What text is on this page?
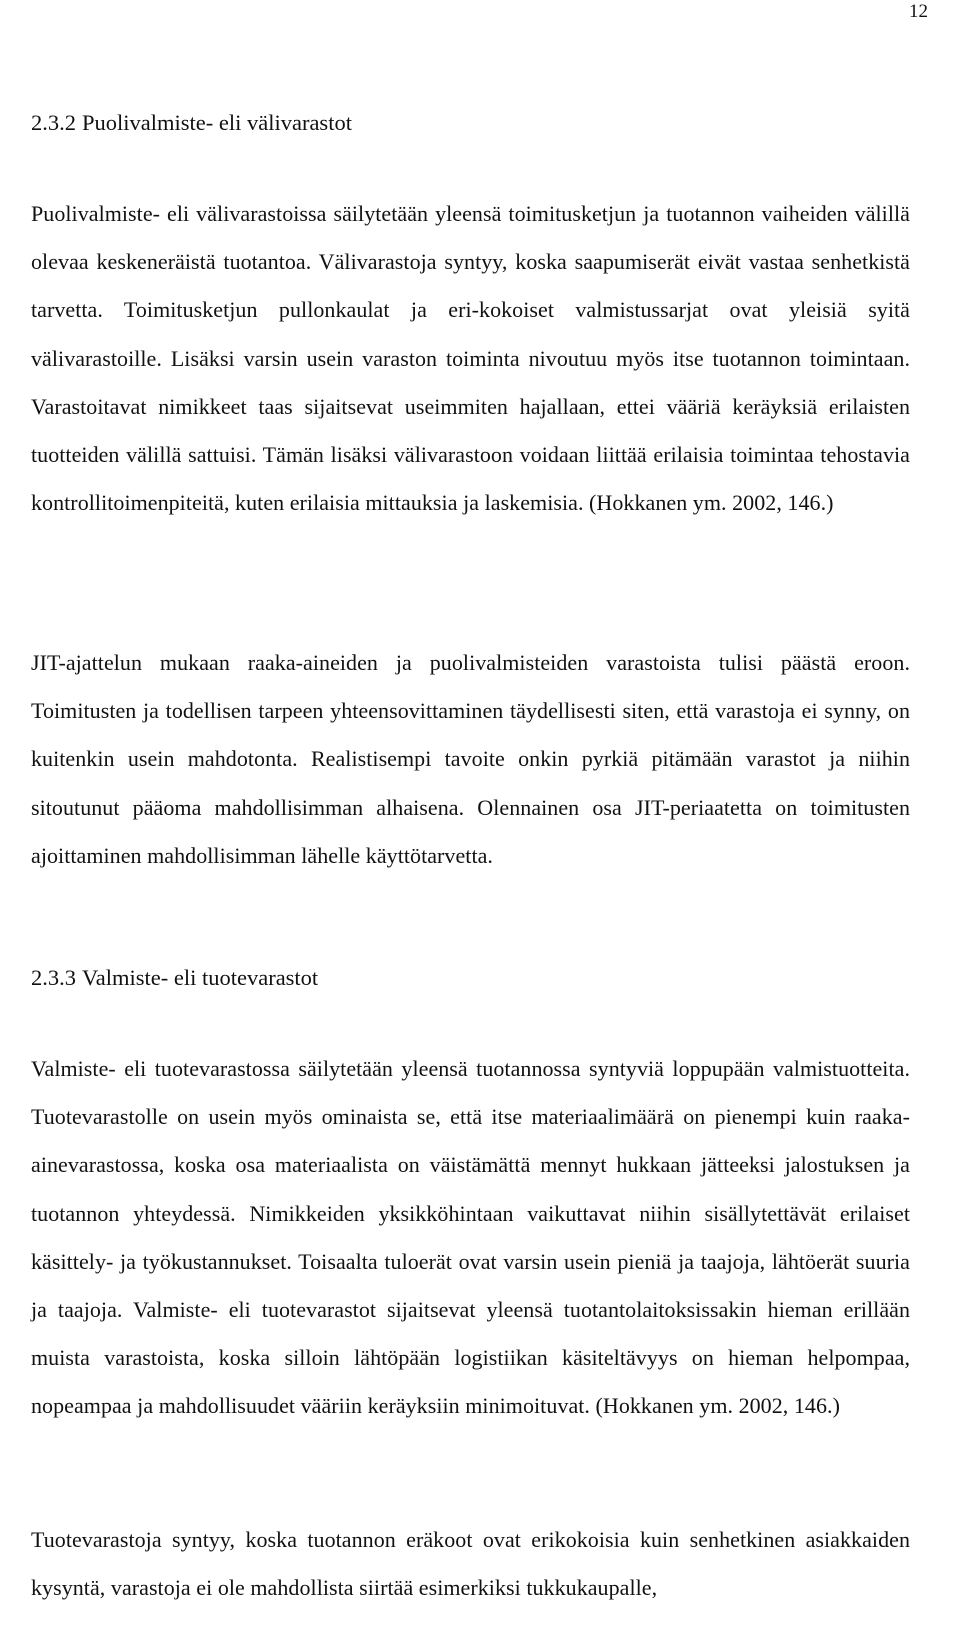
12
2.3.2 Puolivalmiste- eli välivarastot

Puolivalmiste- eli välivarastoissa säilytetään yleensä toimitusketjun ja tuotannon vaiheiden välillä olevaa keskeneräistä tuotantoa. Välivarastoja syntyy, koska saapumiserät eivät vastaa senhetkistä tarvetta. Toimitusketjun pullonkaulat ja eri-kokoiset valmistussarjat ovat yleisiä syitä välivarastoille. Lisäksi varsin usein varaston toiminta nivoutuu myös itse tuotannon toimintaan. Varastoitavat nimikkeet taas sijaitsevat useimmiten hajallaan, ettei vääriä keräyksiä erilaisten tuotteiden välillä sattuisi. Tämän lisäksi välivarastoon voidaan liittää erilaisia toimintaa tehostavia kontrollitoimenpiteitä, kuten erilaisia mittauksia ja laskemisia. (Hokkanen ym. 2002, 146.)

JIT-ajattelun mukaan raaka-aineiden ja puolivalmisteiden varastoista tulisi päästä eroon. Toimitusten ja todellisen tarpeen yhteensovittaminen täydellisesti siten, että varastoja ei synny, on kuitenkin usein mahdotonta. Realistisempi tavoite onkin pyrkiä pitämään varastot ja niihin sitoutunut pääoma mahdollisimman alhaisena. Olennainen osa JIT-periaatetta on toimitusten ajoittaminen mahdollisimman lähelle käyttötarvetta.

2.3.3 Valmiste- eli tuotevarastot

Valmiste- eli tuotevarastossa säilytetään yleensä tuotannossa syntyviä loppupään valmistuotteita. Tuotevarastolle on usein myös ominaista se, että itse materiaalimäärä on pienempi kuin raaka-ainevarastossa, koska osa materiaalista on väistämättä mennyt hukkaan jätteeksi jalostuksen ja tuotannon yhteydessä. Nimikkeiden yksikköhintaan vaikuttavat niihin sisällytettävät erilaiset käsittely- ja työkustannukset. Toisaalta tuloerät ovat varsin usein pieniä ja taajoja, lähtöerät suuria ja taajoja. Valmiste- eli tuotevarastot sijaitsevat yleensä tuotantolaitoksissakin hieman erillään muista varastoista, koska silloin lähtöpään logistiikan käsiteltävyys on hieman helpompaa, nopeampaa ja mahdollisuudet vääriin keräyksiin minimoituvat. (Hokkanen ym. 2002, 146.)

Tuotevarastoja syntyy, koska tuotannon eräkoot ovat erikokoisia kuin senhetkinen asiakkaiden kysyntä, varastoja ei ole mahdollista siirtää esimerkiksi tukkukaupalle,
